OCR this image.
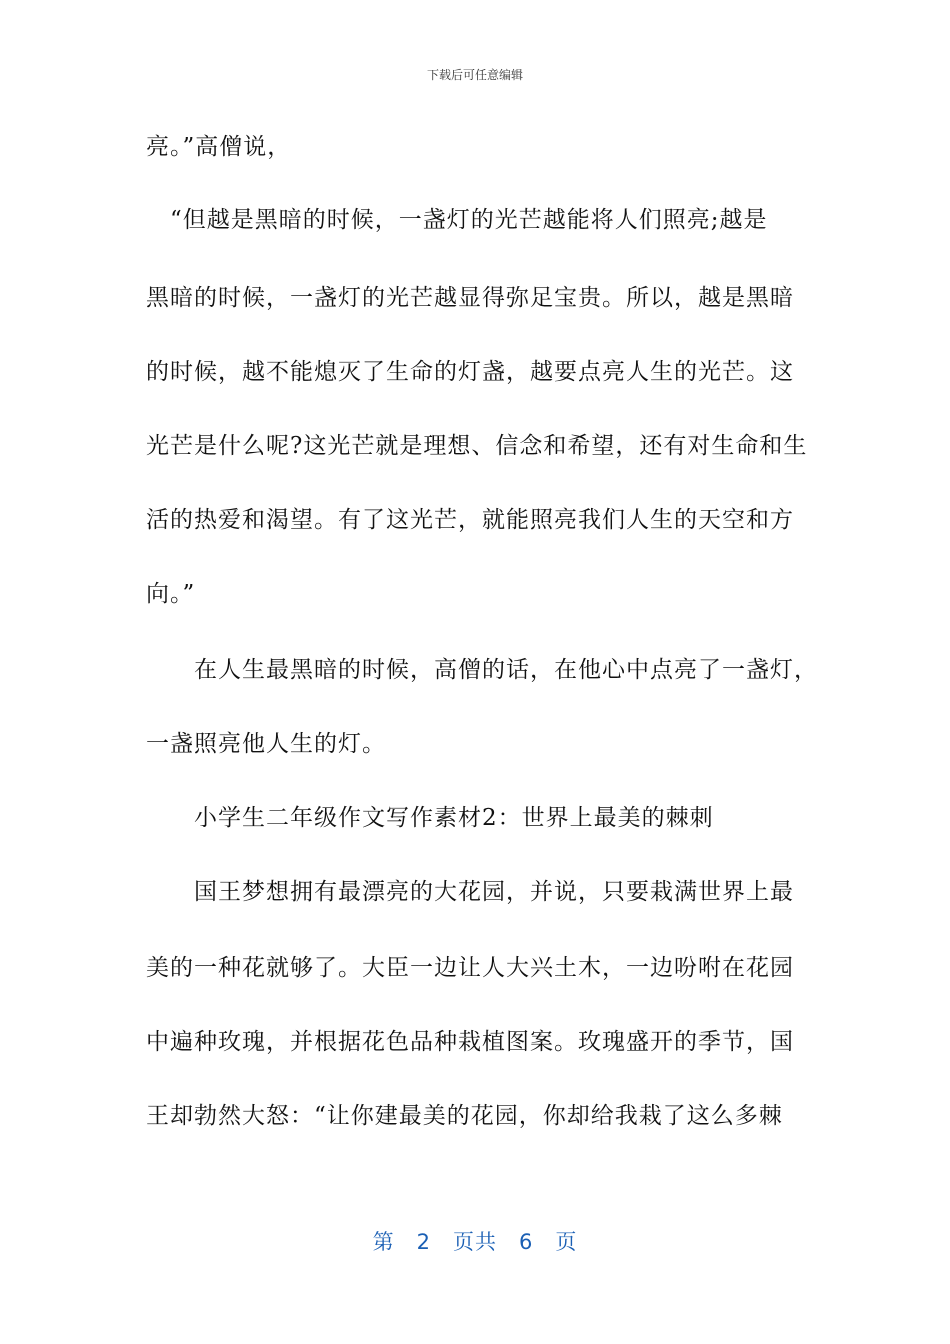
下载后可任意编辑
亮。”高僧说，
“但越是黑暗的时候，一盏灯的光芒越能将人们照亮;越是
黑暗的时候，一盏灯的光芒越显得弥足宝贵。所以，越是黑暗
的时候，越不能熄灭了生命的灯盏，越要点亮人生的光芒。这
光芒是什么呢?这光芒就是理想、信念和希望，还有对生命和生
活的热爱和渴望。有了这光芒，就能照亮我们人生的天空和方
向。”
在人生最黑暗的时候，高僧的话，在他心中点亮了一盏灯，
一盏照亮他人生的灯。
小学生二年级作文写作素材2：世界上最美的棘刺
国王梦想拥有最漂亮的大花园，并说，只要栽满世界上最
美的一种花就够了。大臣一边让人大兴土木，一边吩咐在花园
中遍种玫瑰，并根据花色品种栽植图案。玫瑰盛开的季节，国
王却勃然大怒：“让你建最美的花园，你却给我栽了这么多棘
第 2 页共 6 页
